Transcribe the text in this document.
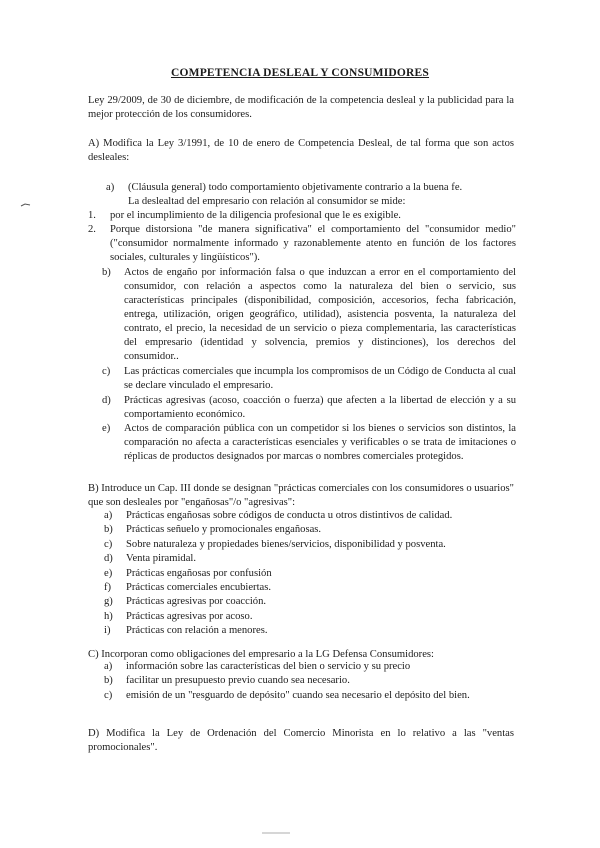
COMPETENCIA DESLEAL Y CONSUMIDORES
Ley 29/2009, de 30 de diciembre, de modificación de la competencia desleal y la publicidad para la mejor protección de los consumidores.
A) Modifica la Ley 3/1991, de 10 de enero de Competencia Desleal, de tal forma que son actos desleales:
a)	(Cláusula general) todo comportamiento objetivamente contrario a la buena fe.
La deslealtad del empresario con relación al consumidor se mide:
1.	por el incumplimiento de la diligencia profesional que le es exigible.
2.	Porque distorsiona "de manera significativa" el comportamiento del "consumidor medio" ("consumidor normalmente informado y razonablemente atento en función de los factores sociales, culturales y lingüísticos").
b)	Actos de engaño por información falsa o que induzcan a error en el comportamiento del consumidor, con relación a aspectos como la naturaleza del bien o servicio, sus características principales (disponibilidad, composición, accesorios, fecha fabricación, entrega, utilización, origen geográfico, utilidad), asistencia posventa, la naturaleza del contrato, el precio, la necesidad de un servicio o pieza complementaria, las características del empresario (identidad y solvencia, premios y distinciones), los derechos del consumidor..
c)	Las prácticas comerciales que incumpla los compromisos de un Código de Conducta al cual se declare vinculado el empresario.
d)	Prácticas agresivas (acoso, coacción o fuerza) que afecten a la libertad de elección y a su comportamiento económico.
e)	Actos de comparación pública con un competidor si los bienes o servicios son distintos, la comparación no afecta a características esenciales y verificables o se trata de imitaciones o réplicas de productos designados por marcas o nombres comerciales protegidos.
B) Introduce un Cap. III donde se designan "prácticas comerciales con los consumidores o usuarios" que son desleales por "engañosas"/o "agresivas":
a)	Prácticas engañosas sobre códigos de conducta u otros distintivos de calidad.
b)	Prácticas señuelo y promocionales engañosas.
c)	Sobre naturaleza y propiedades bienes/servicios, disponibilidad y posventa.
d)	Venta piramidal.
e)	Prácticas engañosas por confusión
f)	Prácticas comerciales encubiertas.
g)	Prácticas agresivas por coacción.
h)	Prácticas agresivas por acoso.
i)	Prácticas con relación a menores.
C) Incorporan como obligaciones del empresario a la LG Defensa Consumidores:
a)	información sobre las características del bien o servicio y su precio
b)	facilitar un presupuesto previo cuando sea necesario.
c)	emisión de un "resguardo de depósito" cuando sea necesario el depósito del bien.
D) Modifica la Ley de Ordenación del Comercio Minorista en lo relativo a las "ventas promocionales".
